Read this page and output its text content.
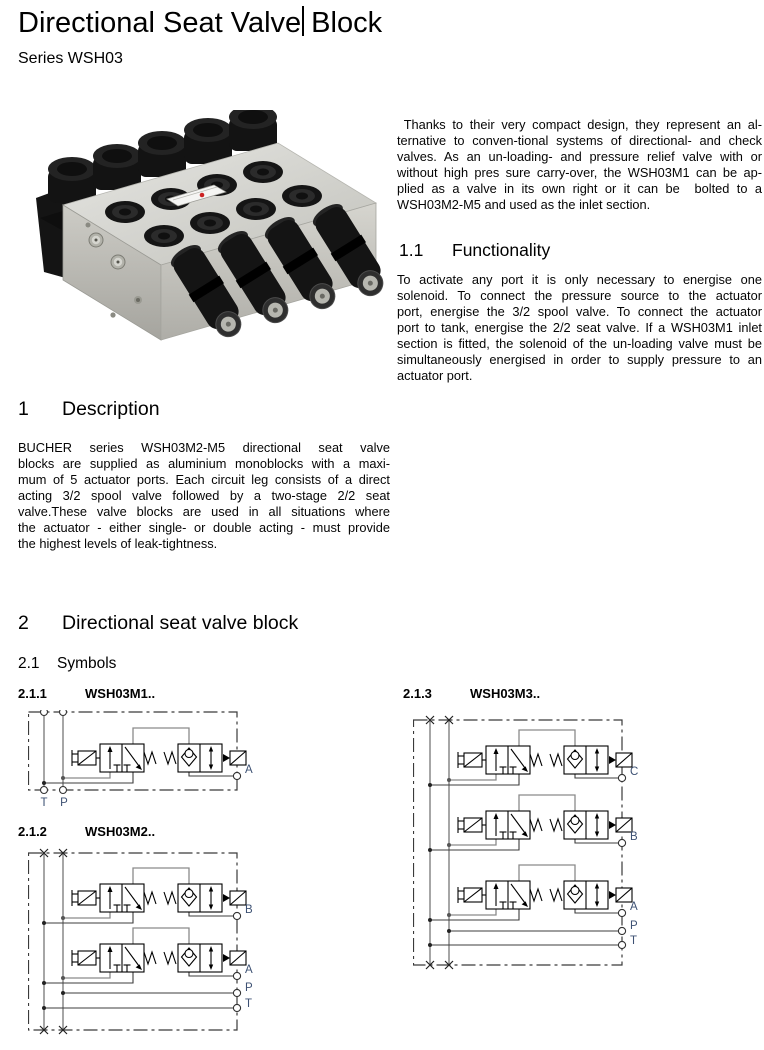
Directional Seat Valve Block
Series WSH03
Thanks to their very compact design, they represent an al-
ternative to conven-tional systems of directional- and check
valves. As an un-loading- and pressure relief valve with or
without high pres sure carry-over, the WSH03M1 can be ap-
plied as a valve in its own right or it can be  bolted to a
WSH03M2-M5 and used as the inlet section.
1.1 Functionality
To activate any port it is only necessary to energise one
solenoid. To connect the pressure source to the actuator
port, energise the 3/2 spool valve. To connect the actuator
port to tank, energise the 2/2 seat valve. If a WSH03M1 inlet
section is fitted, the solenoid of the un-loading valve must be
simultaneously energised in order to supply pressure to an
actuator port.
1 Description
BUCHER series WSH03M2-M5 directional seat valve
blocks are supplied as aluminium monoblocks with a maxi-
mum of 5 actuator ports. Each circuit leg consists of a direct
acting 3/2 spool valve followed by a two-stage 2/2 seat
valve.These valve blocks are used in all situations where
the actuator - either single- or double acting - must provide
the highest levels of leak-tightness.
2 Directional seat valve block
2.1 Symbols
2.1.1	WSH03M1..	2.1.3	WSH03M3..
2.1.2	WSH03M2..
T P
A
B
A
P
T
C
B
A
P
T
